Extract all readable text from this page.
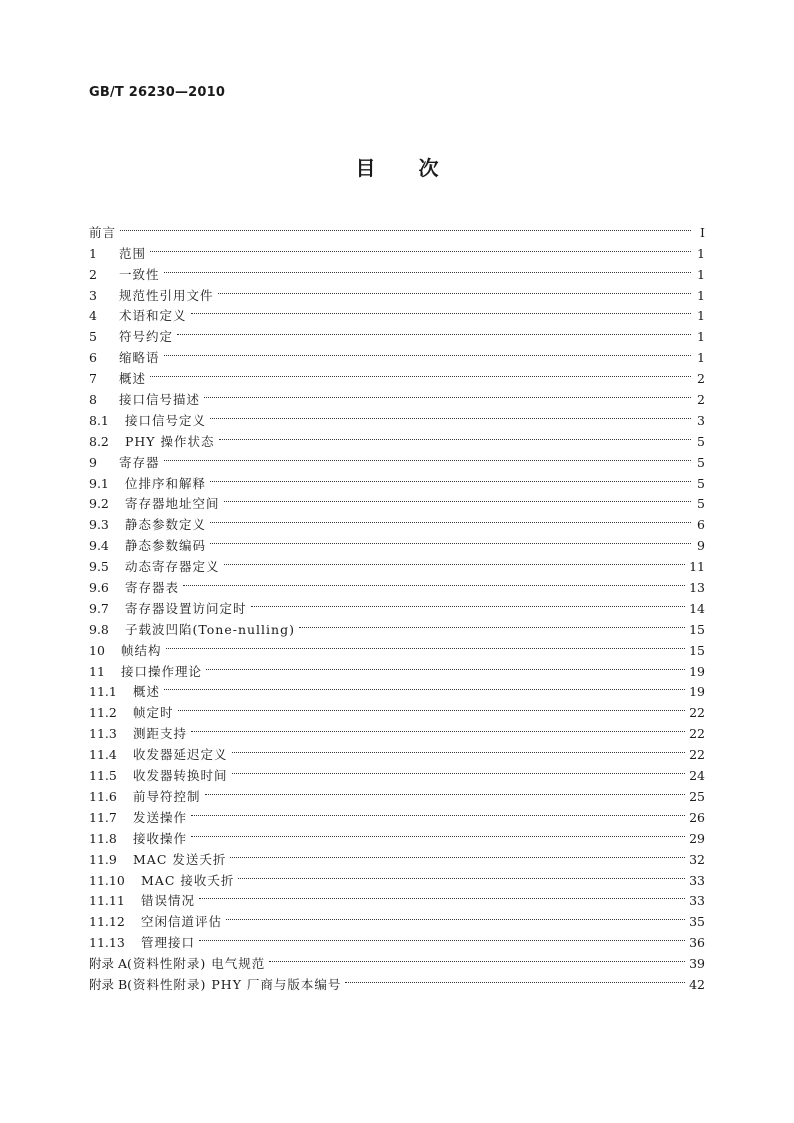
GB/T 26230—2010
目 次
前言	Ⅰ
1	范围	1
2	一致性	1
3	规范性引用文件	1
4	术语和定义	1
5	符号约定	1
6	缩略语	1
7	概述	2
8	接口信号描述	2
8.1	接口信号定义	3
8.2	PHY 操作状态	5
9	寄存器	5
9.1	位排序和解释	5
9.2	寄存器地址空间	5
9.3	静态参数定义	6
9.4	静态参数编码	9
9.5	动态寄存器定义	11
9.6	寄存器表	13
9.7	寄存器设置访问定时	14
9.8	子载波凹陷(Tone-nulling)	15
10	帧结构	15
11	接口操作理论	19
11.1	概述	19
11.2	帧定时	22
11.3	测距支持	22
11.4	收发器延迟定义	22
11.5	收发器转换时间	24
11.6	前导符控制	25
11.7	发送操作	26
11.8	接收操作	29
11.9	MAC 发送夭折	32
11.10	MAC 接收夭折	33
11.11	错误情况	33
11.12	空闲信道评估	35
11.13	管理接口	36
附录 A (资料性附录) 电气规范	39
附录 B (资料性附录) PHY 厂商与版本编号	42
